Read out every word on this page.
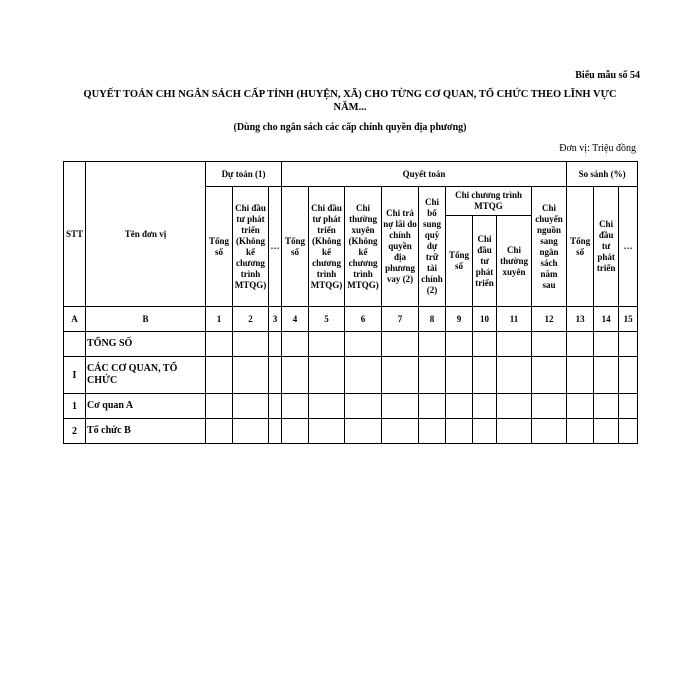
Biểu mẫu số 54
QUYẾT TOÁN CHI NGÂN SÁCH CẤP TỈNH (HUYỆN, XÃ) CHO TỪNG CƠ QUAN, TỔ CHỨC THEO LĨNH VỰC NĂM...
(Dùng cho ngân sách các cấp chính quyền địa phương)
Đơn vị: Triệu đồng
STT	Tên đơn vị	Dự toán (1)			Quyết toán									So sánh (%)		
		Tổng số	Chi đầu tư phát triển (Không kể chương trình MTQG)	…	Tổng số	Chi đầu tư phát triển (Không kể chương trình MTQG)	Chi thường xuyên (Không kể chương trình MTQG)	Chi trả nợ lãi do chính quyền địa phương vay (2)	Chi bổ sung quỹ dự trữ tài chính (2)	Chi chương trình MTQG			Chi chuyển nguồn sang ngân sách năm sau	Tổng số	Chi đầu tư phát triển	…
										Tổng số	Chi đầu tư phát triển	Chi thường xuyên				
A	B	1	2	3	4	5	6	7	8	9	10	11	12	13	14	15
	TỔNG SỐ															
I	CÁC CƠ QUAN, TỔ CHỨC															
1	Cơ quan A															
2	Tổ chức B															
